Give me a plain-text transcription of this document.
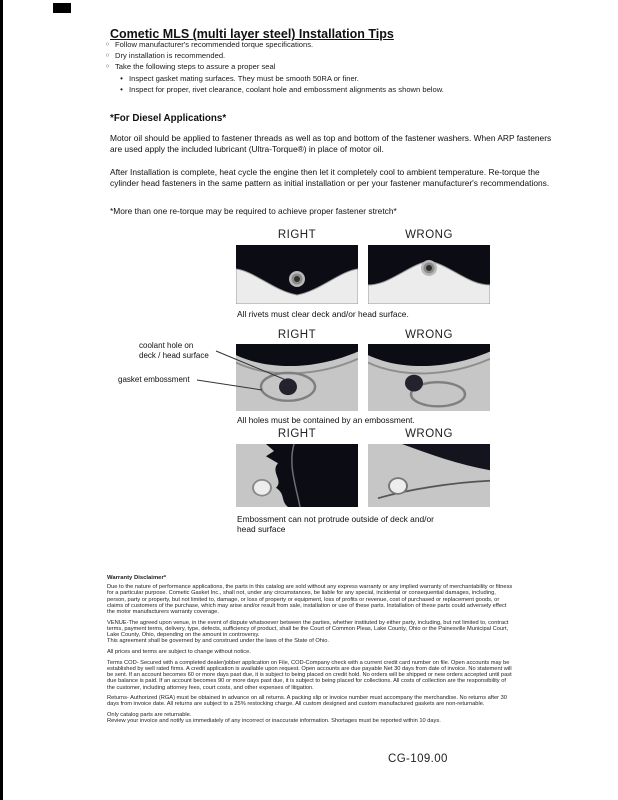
Cometic MLS (multi layer steel) Installation Tips
○ Follow manufacturer's recommended torque specifications.
○ Dry installation is recommended.
○ Take the following steps to assure a proper seal
• Inspect gasket mating surfaces. They must be smooth 50RA or finer.
• Inspect for proper, rivet clearance, coolant hole and embossment alignments as shown below.
*For Diesel Applications*

Motor oil should be applied to fastener threads as well as top and bottom of the fastener washers. When ARP fasteners are used apply the included lubricant (Ultra-Torque®) in place of motor oil.

After Installation is complete, heat cycle the engine then let it completely cool to ambient temperature. Re-torque the cylinder head fasteners in the same pattern as initial installation or per your fastener manufacturer's recommendations.

*More than one re-torque may be required to achieve proper fastener stretch*

RIGHT	WRONG

All rivets must clear deck and/or head surface.

RIGHT	WRONG

All holes must be contained by an embossment.

coolant hole on
deck / head surface
gasket embossment
RIGHT	WRONG

Embossment can not protrude outside of deck and/or head surface

Warranty Disclaimer*

Due to the nature of performance applications, the parts in this catalog are sold without any express warranty or any implied warranty of merchantability or fitness for a particular purpose. Cometic Gasket Inc., shall not, under any circumstances, be liable for any special, incidental or consequential damages, including, person, party or property, but not limited to, damage, or loss of property or equipment, loss of profits or revenue, cost of purchased or replacement goods, or claims of customers of the purchase, which may arise and/or result from sale, installation or use of these parts. Installation of these parts could adversely effect the motor manufacturers warranty coverage.

VENUE-The agreed upon venue, in the event of dispute whatsoever between the parties, whether instituted by either party, including, but not limited to, contract terms, payment terms, delivery, type, defects, sufficiency of product, shall be the Court of Common Pleas, Lake County, Ohio or the Painesville Municipal Court, Lake County, Ohio, depending on the amount in controversy.

This agreement shall be governed by and construed under the laws of the State of Ohio.

All prices and terms are subject to change without notice.

Terms COD- Secured with a completed dealer/jobber application on File, COD-Company check with a current credit card number on file. Open accounts may be established by well rated firms. A credit application is available upon request. Open accounts are due payable Net 30 days from date of invoice. No statement will be sent. If an account becomes 60 or more days past due, it is subject to being placed on credit hold. No orders will be shipped or new orders accepted until past due balance is paid. If an account becomes 90 or more days past due, it is subject to being placed for collections. All costs of collection are the responsibility of the customer, including attorney fees, court costs, and other expenses of litigation.

Returns- Authorized (RGA) must be obtained in advance on all returns. A packing slip or invoice number must accompany the merchandise. No returns after 30 days from invoice date. All returns are subject to a 25% restocking charge. All custom designed and custom manufactured gaskets are non-returnable.

Only catalog parts are returnable.

Review your invoice and notify us immediately of any incorrect or inaccurate information. Shortages must be reported within 10 days.

CG-109.00
